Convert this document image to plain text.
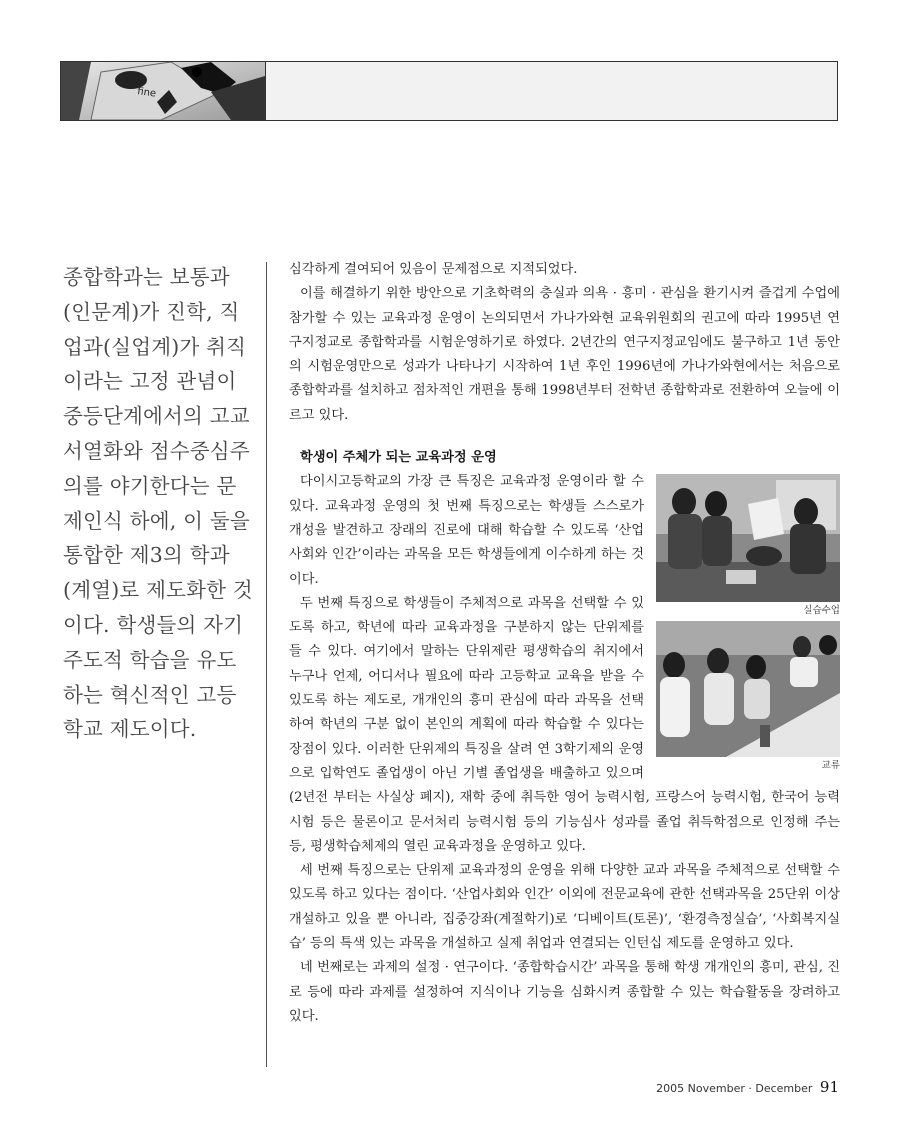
fine

종합학과는 보통과(인문계)가 진학, 직업과(실업계)가 취직이라는 고정 관념이 중등단계에서의 고교서열화와 점수중심주의를 야기한다는 문제인식 하에, 이 둘을 통합한 제3의 학과(계열)로 제도화한 것이다. 학생들의 자기주도적 학습을 유도하는 혁신적인 고등학교 제도이다.

심각하게 결여되어 있음이 문제점으로 지적되었다.

이를 해결하기 위한 방안으로 기초학력의 충실과 의욕 · 흥미 · 관심을 환기시켜 즐겁게 수업에 참가할 수 있는 교육과정 운영이 논의되면서 가나가와현 교육위원회의 권고에 따라 1995년 연구지정교로 종합학과를 시험운영하기로 하였다. 2년간의 연구지정교임에도 불구하고 1년 동안의 시험운영만으로 성과가 나타나기 시작하여 1년 후인 1996년에 가나가와현에서는 처음으로 종합학과를 설치하고 점차적인 개편을 통해 1998년부터 전학년 종합학과로 전환하여 오늘에 이르고 있다.

학생이 주체가 되는 교육과정 운영
실습수업

다이시고등학교의 가장 큰 특징은 교육과정 운영이라 할 수 있다. 교육과정 운영의 첫 번째 특징으로는 학생들 스스로가 개성을 발견하고 장래의 진로에 대해 학습할 수 있도록 ‘산업사회와 인간’이라는 과목을 모든 학생들에게 이수하게 하는 것이다.

교류

두 번째 특징으로 학생들이 주체적으로 과목을 선택할 수 있도록 하고, 학년에 따라 교육과정을 구분하지 않는 단위제를 들 수 있다. 여기에서 말하는 단위제란 평생학습의 취지에서 누구나 언제, 어디서나 필요에 따라 고등학교 교육을 받을 수 있도록 하는 제도로, 개개인의 흥미 관심에 따라 과목을 선택하여 학년의 구분 없이 본인의 계획에 따라 학습할 수 있다는 장점이 있다. 이러한 단위제의 특징을 살려 연 3학기제의 운영으로 입학연도 졸업생이 아닌 기별 졸업생을 배출하고 있으며(2년전 부터는 사실상 폐지), 재학 중에 취득한 영어 능력시험, 프랑스어 능력시험, 한국어 능력시험 등은 물론이고 문서처리 능력시험 등의 기능심사 성과를 졸업 취득학점으로 인정해 주는 등, 평생학습체제의 열린 교육과정을 운영하고 있다.

세 번째 특징으로는 단위제 교육과정의 운영을 위해 다양한 교과 과목을 주체적으로 선택할 수 있도록 하고 있다는 점이다. ‘산업사회와 인간’ 이외에 전문교육에 관한 선택과목을 25단위 이상 개설하고 있을 뿐 아니라, 집중강좌(계절학기)로 ‘디베이트(토론)’, ‘환경측정실습’, ‘사회복지실습’ 등의 특색 있는 과목을 개설하고 실제 취업과 연결되는 인턴십 제도를 운영하고 있다.

네 번째로는 과제의 설정 · 연구이다. ‘종합학습시간’ 과목을 통해 학생 개개인의 흥미, 관심, 진로 등에 따라 과제를 설정하여 지식이나 기능을 심화시켜 종합할 수 있는 학습활동을 장려하고 있다.

2005 November · December 91
